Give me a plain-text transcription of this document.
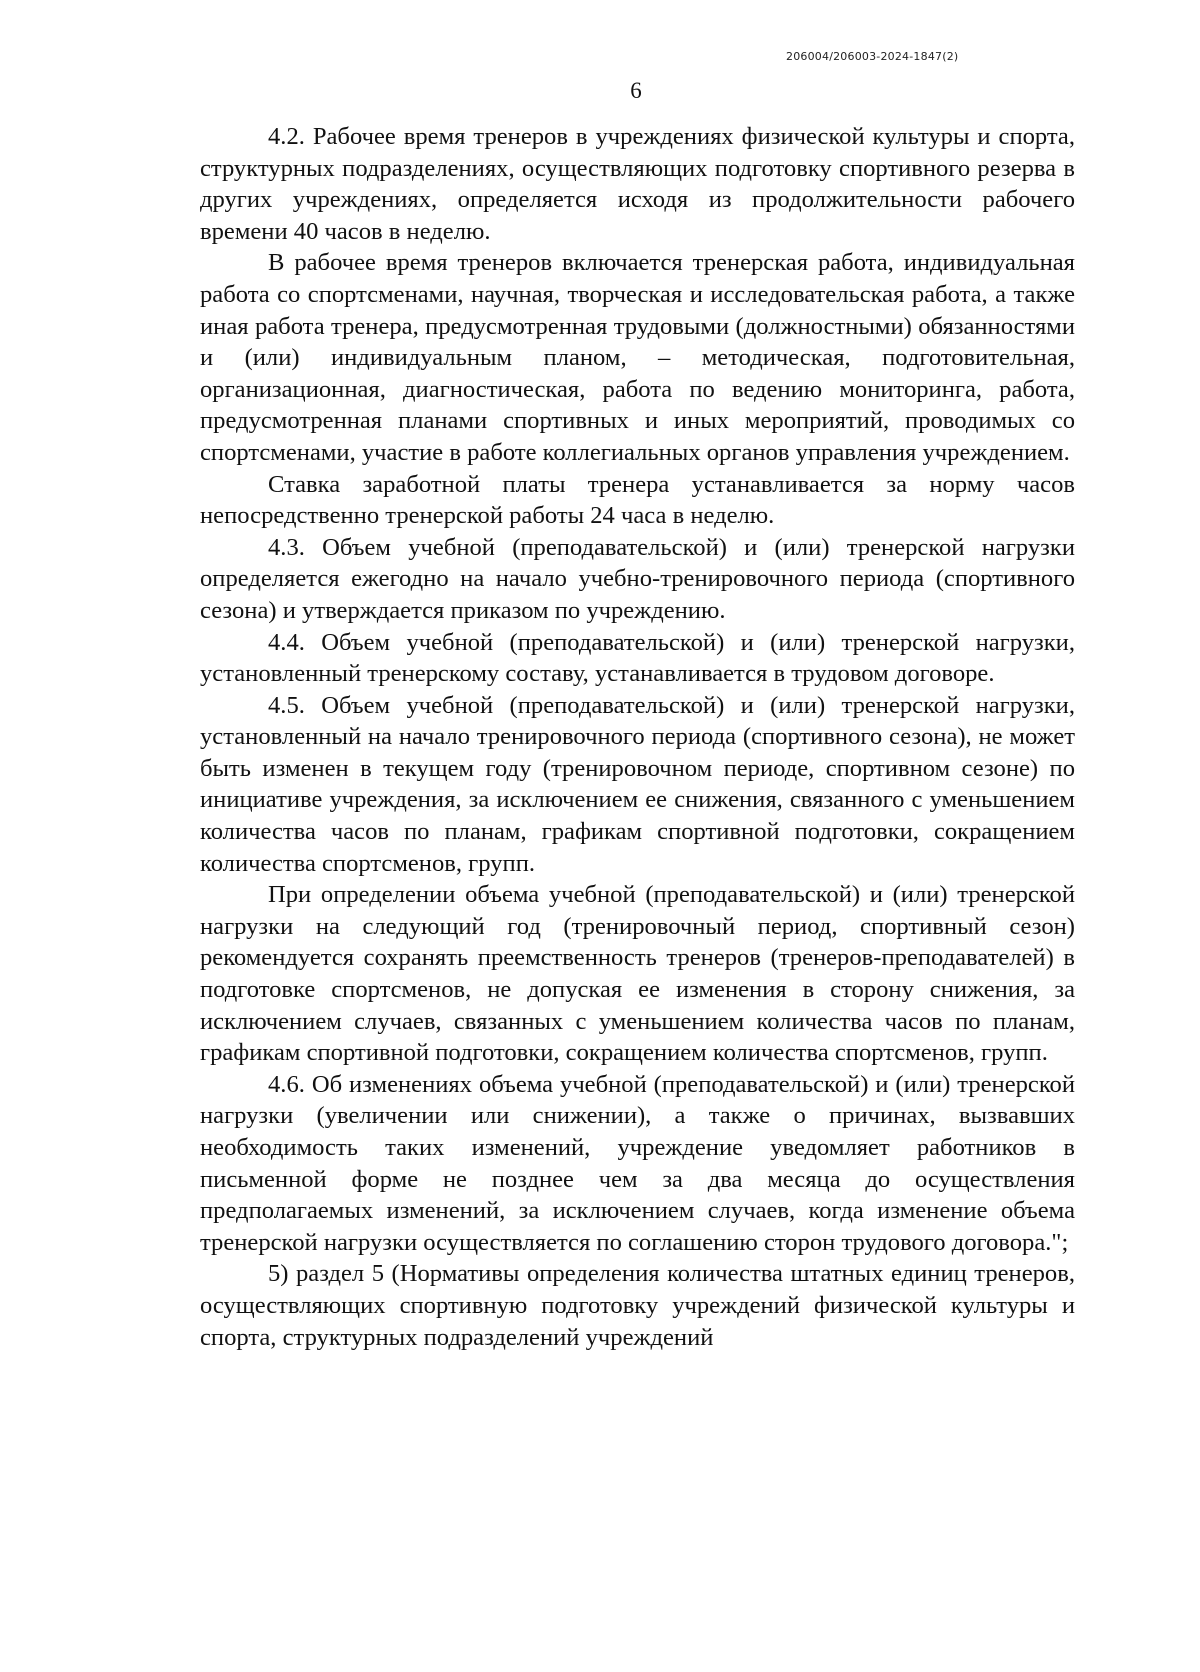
206004/206003-2024-1847(2)
6

4.2. Рабочее время тренеров в учреждениях физической культуры и спорта, структурных подразделениях, осуществляющих подготовку спортивного резерва в других учреждениях, определяется исходя из продолжительности рабочего времени 40 часов в неделю.

В рабочее время тренеров включается тренерская работа, индивидуальная работа со спортсменами, научная, творческая и исследовательская работа, а также иная работа тренера, предусмотренная трудовыми (должностными) обязанностями и (или) индивидуальным планом, – методическая, подготовительная, организационная, диагностическая, работа по ведению мониторинга, работа, предусмотренная планами спортивных и иных мероприятий, проводимых со спортсменами, участие в работе коллегиальных органов управления учреждением.

Ставка заработной платы тренера устанавливается за норму часов непосредственно тренерской работы 24 часа в неделю.

4.3. Объем учебной (преподавательской) и (или) тренерской нагрузки определяется ежегодно на начало учебно-тренировочного периода (спортивного сезона) и утверждается приказом по учреждению.

4.4. Объем учебной (преподавательской) и (или) тренерской нагрузки, установленный тренерскому составу, устанавливается в трудовом договоре.

4.5. Объем учебной (преподавательской) и (или) тренерской нагрузки, установленный на начало тренировочного периода (спортивного сезона), не может быть изменен в текущем году (тренировочном периоде, спортивном сезоне) по инициативе учреждения, за исключением ее снижения, связанного с уменьшением количества часов по планам, графикам спортивной подготовки, сокращением количества спортсменов, групп.

При определении объема учебной (преподавательской) и (или) тренерской нагрузки на следующий год (тренировочный период, спортивный сезон) рекомендуется сохранять преемственность тренеров (тренеров-преподавателей) в подготовке спортсменов, не допуская ее изменения в сторону снижения, за исключением случаев, связанных с уменьшением количества часов по планам, графикам спортивной подготовки, сокращением количества спортсменов, групп.

4.6. Об изменениях объема учебной (преподавательской) и (или) тренерской нагрузки (увеличении или снижении), а также о причинах, вызвавших необходимость таких изменений, учреждение уведомляет работников в письменной форме не позднее чем за два месяца до осуществления предполагаемых изменений, за исключением случаев, когда изменение объема тренерской нагрузки осуществляется по соглашению сторон трудового договора.";

5) раздел 5 (Нормативы определения количества штатных единиц тренеров, осуществляющих спортивную подготовку учреждений физической культуры и спорта, структурных подразделений учреждений
